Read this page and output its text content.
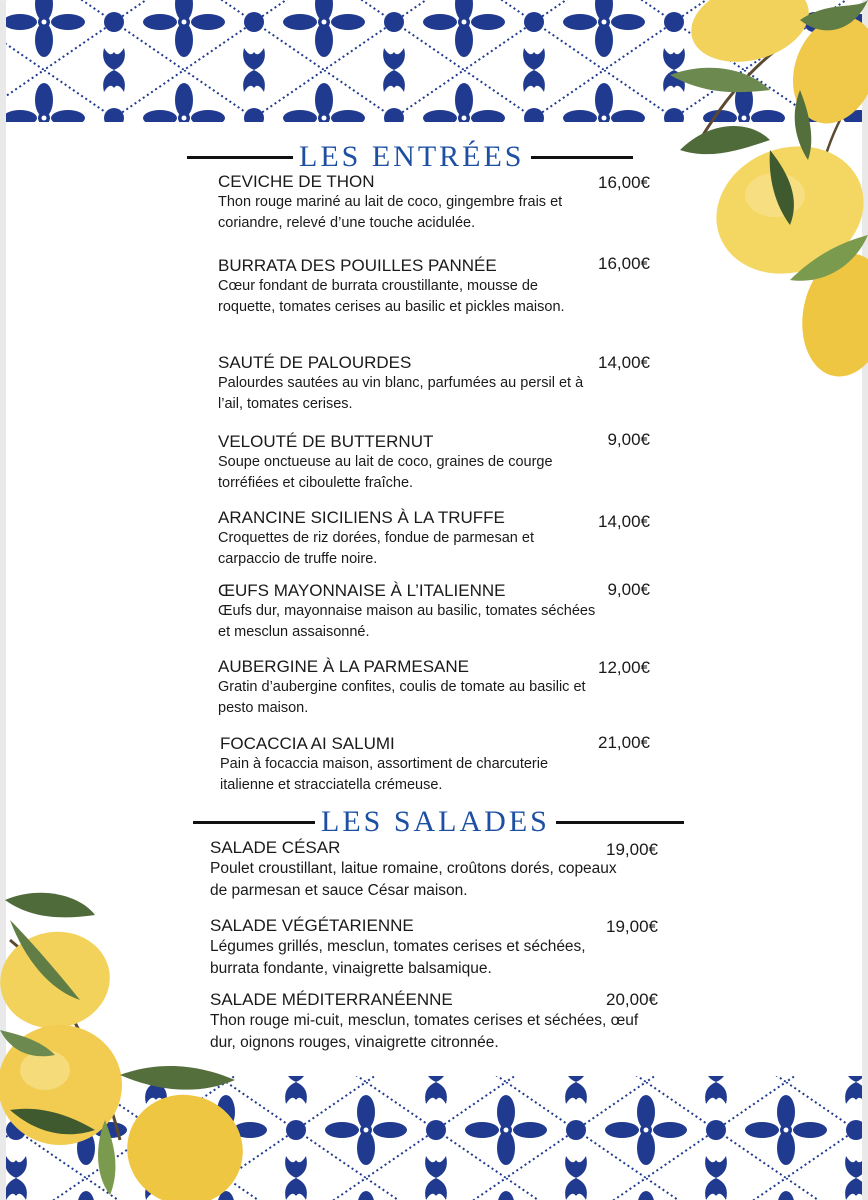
LES ENTRÉES
CEVICHE DE THON
Thon rouge mariné au lait de coco, gingembre frais et coriandre, relevé d’une touche acidulée.
16,00€
BURRATA DES POUILLES PANNÉE
Cœur fondant de burrata croustillante, mousse de roquette, tomates cerises au basilic et pickles maison.
16,00€
SAUTÉ DE PALOURDES
Palourdes sautées au vin blanc, parfumées au persil et à l’ail, tomates cerises.
14,00€
VELOUTÉ DE BUTTERNUT
Soupe onctueuse au lait de coco, graines de courge torréfiées et ciboulette fraîche.
9,00€
ARANCINE SICILIENS À LA TRUFFE
Croquettes de riz dorées, fondue de parmesan et carpaccio de truffe noire.
14,00€
ŒUFS MAYONNAISE À L’ITALIENNE
Œufs dur, mayonnaise maison au basilic, tomates séchées et mesclun assaisonné.
9,00€
AUBERGINE À LA PARMESANE
Gratin d’aubergine confites, coulis de tomate au basilic et pesto maison.
12,00€
FOCACCIA AI SALUMI
Pain à focaccia maison, assortiment de charcuterie italienne et stracciatella crémeuse.
21,00€
LES SALADES
SALADE CÉSAR
Poulet croustillant, laitue romaine, croûtons dorés, copeaux de parmesan et sauce César maison.
19,00€
SALADE VÉGÉTARIENNE
Légumes grillés, mesclun, tomates cerises et séchées, burrata fondante, vinaigrette balsamique.
19,00€
SALADE MÉDITERRANÉENNE
Thon rouge mi-cuit, mesclun, tomates cerises et séchées, œuf dur, oignons rouges, vinaigrette citronnée.
20,00€
